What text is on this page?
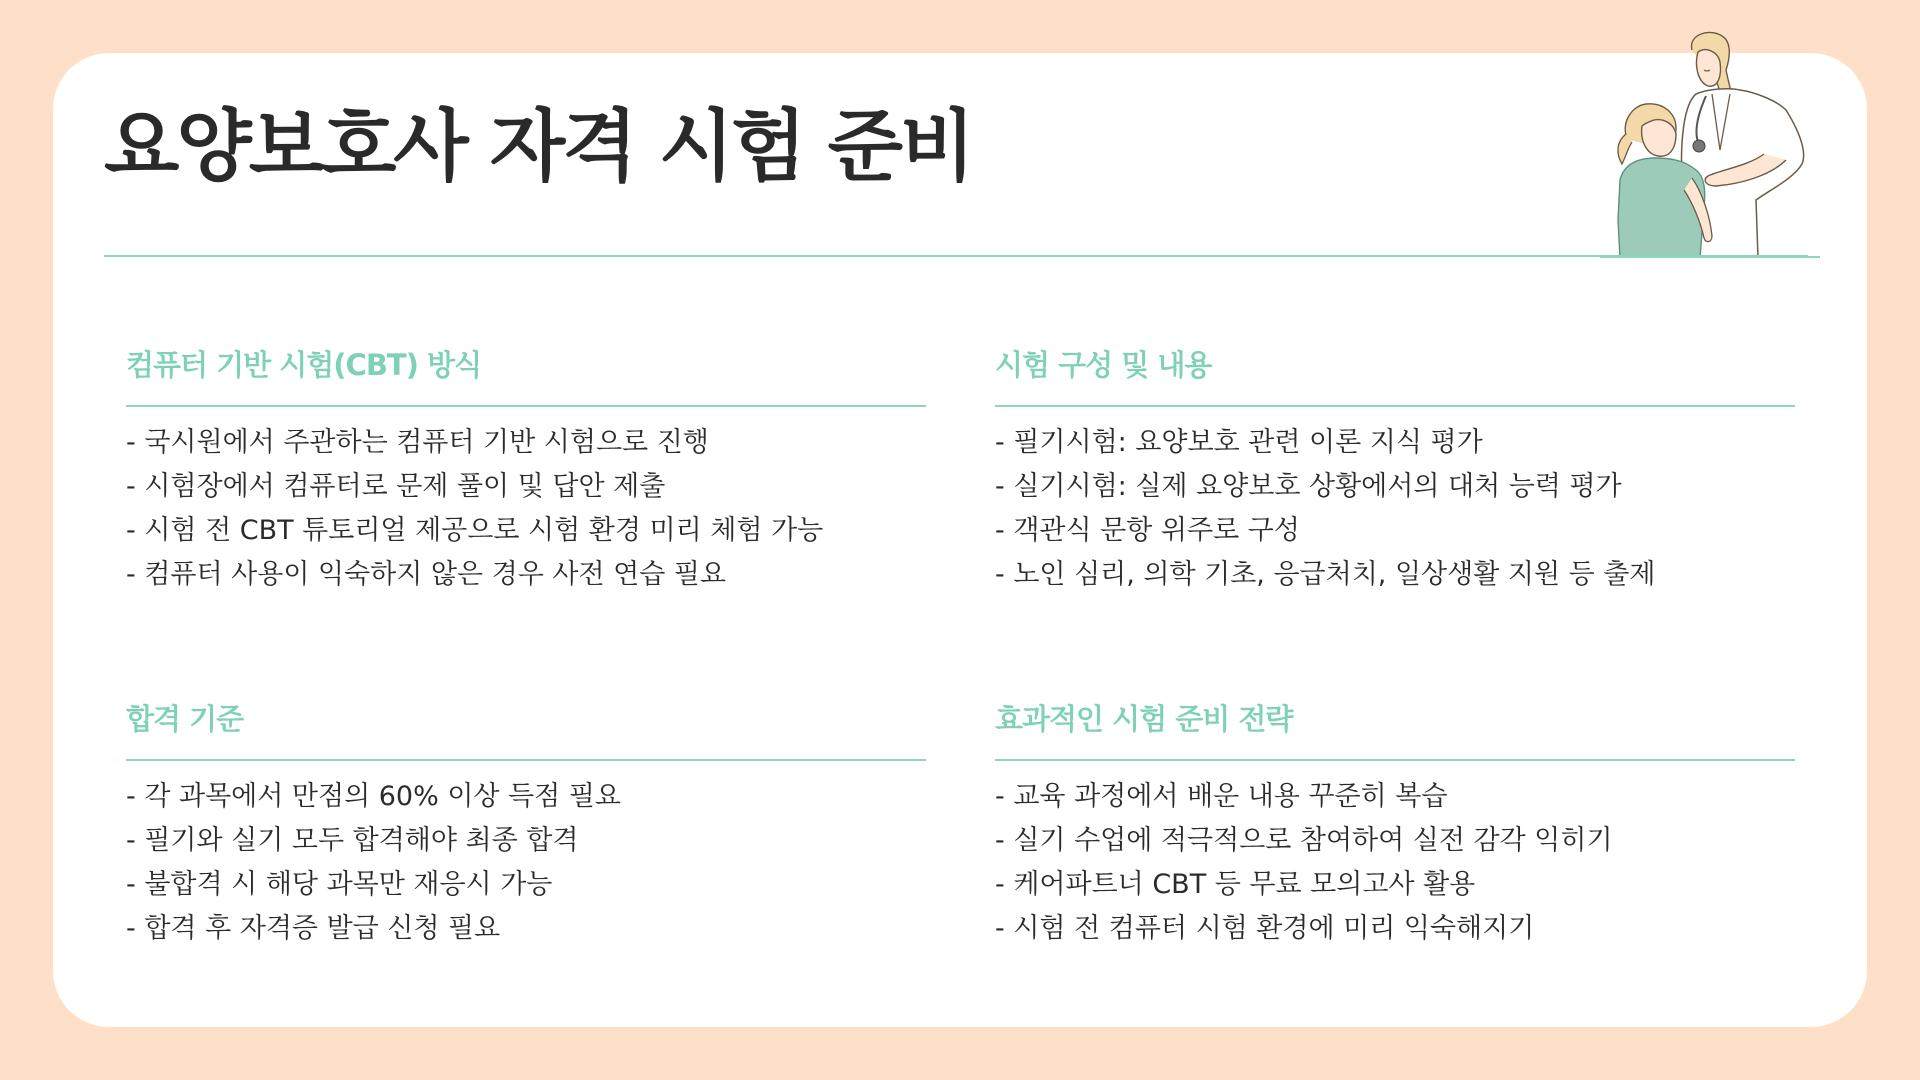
요양보호사 자격 시험 준비
컴퓨터 기반 시험(CBT) 방식
- 국시원에서 주관하는 컴퓨터 기반 시험으로 진행
- 시험장에서 컴퓨터로 문제 풀이 및 답안 제출
- 시험 전 CBT 튜토리얼 제공으로 시험 환경 미리 체험 가능
- 컴퓨터 사용이 익숙하지 않은 경우 사전 연습 필요
시험 구성 및 내용
- 필기시험: 요양보호 관련 이론 지식 평가
- 실기시험: 실제 요양보호 상황에서의 대처 능력 평가
- 객관식 문항 위주로 구성
- 노인 심리, 의학 기초, 응급처치, 일상생활 지원 등 출제
합격 기준
- 각 과목에서 만점의 60% 이상 득점 필요
- 필기와 실기 모두 합격해야 최종 합격
- 불합격 시 해당 과목만 재응시 가능
- 합격 후 자격증 발급 신청 필요
효과적인 시험 준비 전략
- 교육 과정에서 배운 내용 꾸준히 복습
- 실기 수업에 적극적으로 참여하여 실전 감각 익히기
- 케어파트너 CBT 등 무료 모의고사 활용
- 시험 전 컴퓨터 시험 환경에 미리 익숙해지기
